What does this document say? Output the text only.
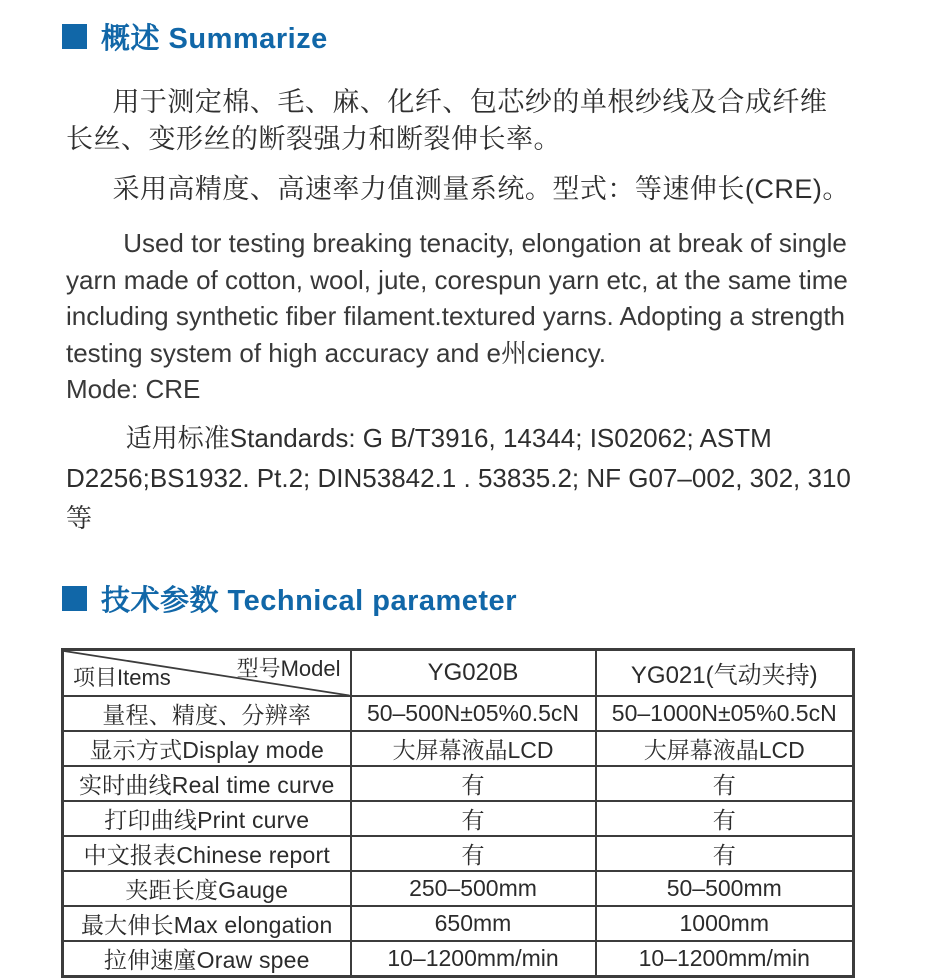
概述 Summarize

用于测定棉、毛、麻、化纤、包芯纱的单根纱线及合成纤维长丝、变形丝的断裂强力和断裂伸长率。

采用高精度、高速率力值测量系统。型式：等速伸长(CRE)。

Used tor testing breaking tenacity, elongation at break of single yarn made of cotton, wool, jute, corespun yarn etc, at the same time including synthetic fiber filament.textured yarns. Adopting a strength testing system of high accuracy and e州ciency.

Mode: CRE

适用标准Standards: G B/T3916, 14344; IS02062; ASTM D2256;BS1932. Pt.2; DIN53842.1 . 53835.2; NF G07–002, 302, 310等

技术参数 Technical parameter
型号Model
项目Items	YG020B	YG021(气动夹持)
量程、精度、分辨率	50–500N±05%0.5cN	50–1000N±05%0.5cN
显示方式Display mode	大屏幕液晶LCD	大屏幕液晶LCD
实时曲线Real time curve	有	有
打印曲线Print curve	有	有
中文报表Chinese report	有	有
夹距长度Gauge	250–500mm	50–500mm
最大伸长Max elongation	650mm	1000mm
拉伸速廑Oraw spee	10–1200mm/min	10–1200mm/min
